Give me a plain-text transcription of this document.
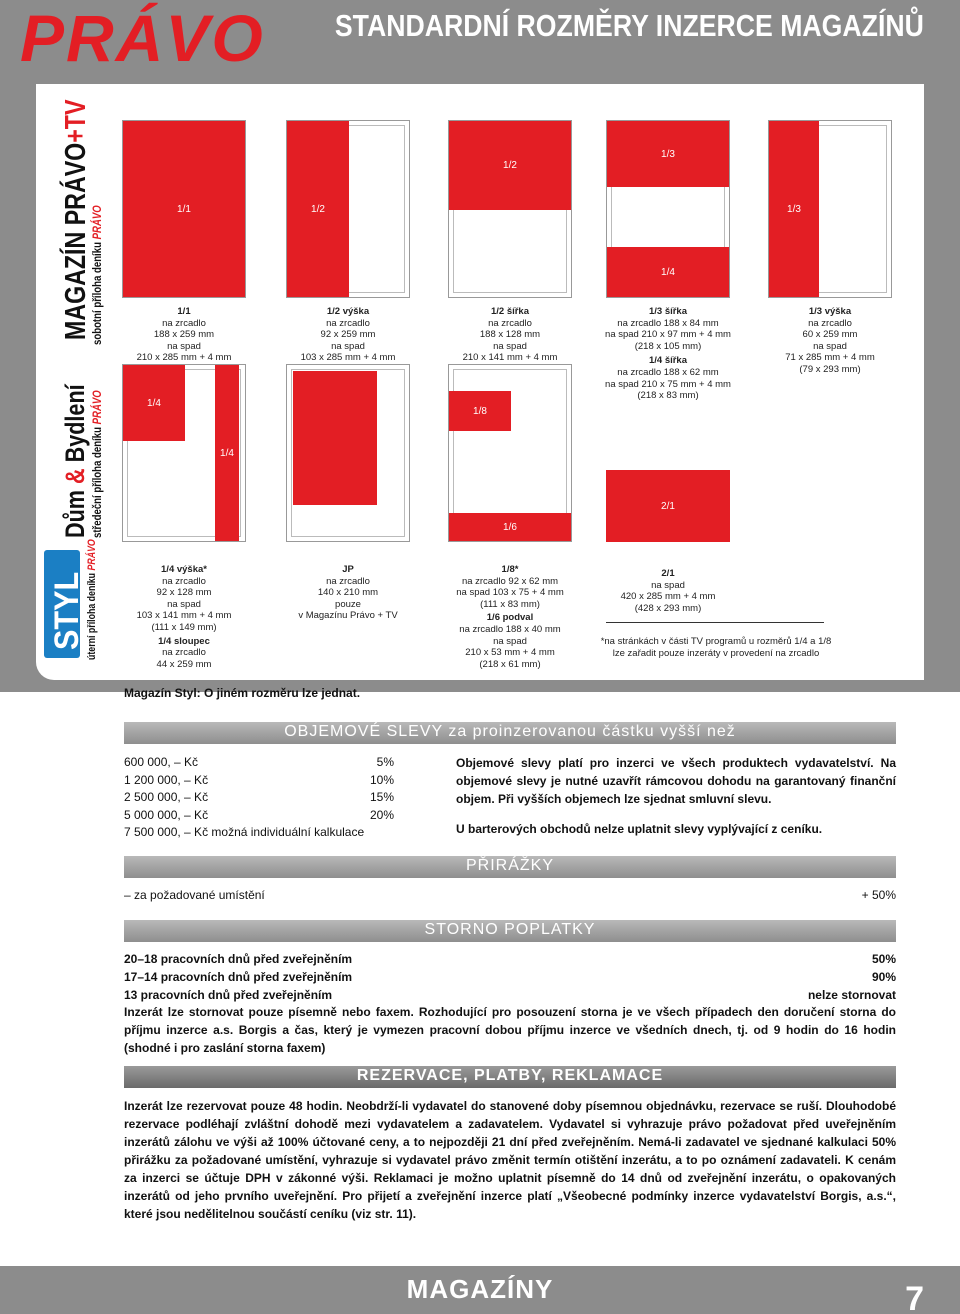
PRÁVO STANDARDNÍ ROZMĚRY INZERCE MAGAZÍNŮ
MAGAZÍN PRÁVO+TV
sobotní příloha deníku PRÁVO
Dům & Bydlení
středeční příloha deníku PRÁVO
STYL úterní příloha deníku PRÁVO
1/1	1/2
1/2
1/3
1/4
1/3
1/1
na zrcadlo
188 x 259 mm
na spad
210 x 285 mm + 4 mm

1/2 výška
na zrcadlo
92 x 259 mm
na spad
103 x 285 mm + 4 mm

1/2 šířka
na zrcadlo
188 x 128 mm
na spad
210 x 141 mm + 4 mm

1/3 šířka
na zrcadlo 188 x 84 mm
na spad 210 x 97 mm + 4 mm
(218 x 105 mm)
1/4 šířka
na zrcadlo 188 x 62 mm
na spad 210 x 75 mm + 4 mm
(218 x 83 mm)
1/3 výška
na zrcadlo
60 x 259 mm
na spad
71 x 285 mm + 4 mm
(79 x 293 mm)
1/4
1/4
1/8
1/6
2/1
1/4 výška*
na zrcadlo
92 x 128 mm
na spad
103 x 141 mm + 4 mm
(111 x 149 mm)
1/4 sloupec
na zrcadlo
44 x 259 mm
JP
na zrcadlo
140 x 210 mm
pouze
v Magazínu Právo + TV
1/8*
na zrcadlo 92 x 62 mm
na spad 103 x 75 + 4 mm
(111 x 83 mm)
1/6 podval
na zrcadlo 188 x 40 mm
na spad
210 x 53 mm + 4 mm
(218 x 61 mm)
2/1
na spad
420 x 285 mm + 4 mm
(428 x 293 mm)
*na stránkách v části TV programů u rozměrů 1/4 a 1/8
lze zařadit pouze inzeráty v provedení na zrcadlo
Magazín Styl: O jiném rozměru lze jednat.
OBJEMOVÉ SLEVY za proinzerovanou částku vyšší než
600 000, – Kč	5%
1 200 000, – Kč	10%
2 500 000, – Kč	15%
5 000 000, – Kč	20%
7 500 000, – Kč možná individuální kalkulace
Objemové slevy platí pro inzerci ve všech produktech vydavatelství. Na objemové slevy je nutné uzavřít rámcovou dohodu na garantovaný finanční objem. Při vyšších objemech lze sjednat smluvní slevu.
U barterových obchodů nelze uplatnit slevy vyplývající z ceníku.
PŘIRÁŽKY
– za požadované umístění	+ 50%
STORNO POPLATKY
20–18 pracovních dnů před zveřejněním	50%
17–14 pracovních dnů před zveřejněním	90%
13 pracovních dnů před zveřejněním	nelze stornovat
Inzerát lze stornovat pouze písemně nebo faxem. Rozhodující pro posouzení storna je ve všech případech den doručení storna do příjmu inzerce a.s. Borgis a čas, který je vymezen pracovní dobou příjmu inzerce ve všedních dnech, tj. od 9 hodin do 16 hodin (shodné i pro zaslání storna faxem)
REZERVACE, PLATBY, REKLAMACE
Inzerát lze rezervovat pouze 48 hodin. Neobdrží-li vydavatel do stanovené doby písemnou objednávku, rezervace se ruší. Dlouhodobé rezervace podléhají zvláštní dohodě mezi vydavatelem a zadavatelem. Vydavatel si vyhrazuje právo požadovat před uveřejněním inzerátů zálohu ve výši až 100% účtované ceny, a to nejpozději 21 dní před zveřejněním. Nemá-li zadavatel ve sjednané kalkulaci 50% přirážku za požadované umístění, vyhrazuje si vydavatel právo změnit termín otištění inzerátu, a to po oznámení zadavateli. K cenám za inzerci se účtuje DPH v zákonné výši. Reklamaci je možno uplatnit písemně do 14 dnů od zveřejnění inzerátu, o opakovaných inzerátů od jeho prvního uveřejnění. Pro přijetí a zveřejnění inzerce platí „Všeobecné podmínky inzerce vydavatelství Borgis, a.s.“, které jsou nedělitelnou součástí ceníku (viz str. 11).
MAGAZÍNY	7
